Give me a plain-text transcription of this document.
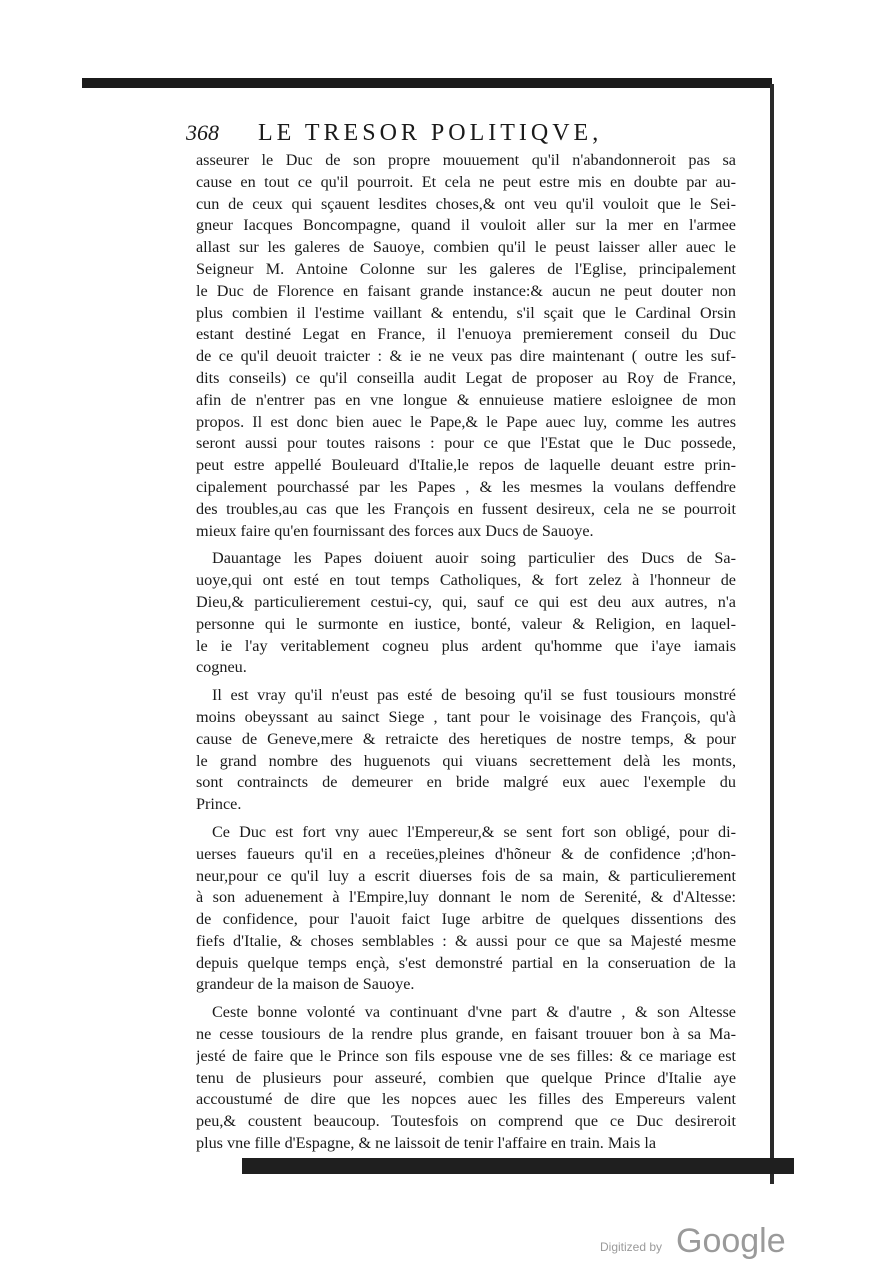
368 LE TRESOR POLITIQVE,
asseurer le Duc de son propre mouuement qu'il n'abandonneroit pas sa
cause en tout ce qu'il pourroit. Et cela ne peut estre mis en doubte par au-
cun de ceux qui sçauent lesdites choses,& ont veu qu'il vouloit que le Sei-
gneur Iacques Boncompagne, quand il vouloit aller sur la mer en l'armee
allast sur les galeres de Sauoye, combien qu'il le peust laisser aller auec le
Seigneur M. Antoine Colonne sur les galeres de l'Eglise, principalement
le Duc de Florence en faisant grande instance:& aucun ne peut douter non
plus combien il l'estime vaillant & entendu, s'il sçait que le Cardinal Orsin
estant destiné Legat en France, il l'enuoya premierement conseil du Duc
de ce qu'il deuoit traicter : & ie ne veux pas dire maintenant ( outre les suf-
dits conseils) ce qu'il conseilla audit Legat de proposer au Roy de France,
afin de n'entrer pas en vne longue & ennuieuse matiere esloignee de mon
propos. Il est donc bien auec le Pape,& le Pape auec luy, comme les autres
seront aussi pour toutes raisons : pour ce que l'Estat que le Duc possede,
peut estre appellé Bouleuard d'Italie,le repos de laquelle deuant estre prin-
cipalement pourchassé par les Papes , & les mesmes la voulans deffendre
des troubles,au cas que les François en fussent desireux, cela ne se pourroit
mieux faire qu'en fournissant des forces aux Ducs de Sauoye.
Dauantage les Papes doiuent auoir soing particulier des Ducs de Sa-
uoye,qui ont esté en tout temps Catholiques, & fort zelez à l'honneur de
Dieu,& particulierement cestui-cy, qui, sauf ce qui est deu aux autres, n'a
personne qui le surmonte en iustice, bonté, valeur & Religion, en laquel-
le ie l'ay veritablement cogneu plus ardent qu'homme que i'aye iamais
cogneu.
Il est vray qu'il n'eust pas esté de besoing qu'il se fust tousiours monstré
moins obeyssant au sainct Siege , tant pour le voisinage des François, qu'à
cause de Geneve,mere & retraicte des heretiques de nostre temps, & pour
le grand nombre des huguenots qui viuans secrettement delà les monts,
sont contraincts de demeurer en bride malgré eux auec l'exemple du
Prince.
Ce Duc est fort vny auec l'Empereur,& se sent fort son obligé, pour di-
uerses faueurs qu'il en a receües,pleines d'hõneur & de confidence ;d'hon-
neur,pour ce qu'il luy a escrit diuerses fois de sa main, & particulierement
à son aduenement à l'Empire,luy donnant le nom de Serenité, & d'Altesse:
de confidence, pour l'auoit faict Iuge arbitre de quelques dissentions des
fiefs d'Italie, & choses semblables : & aussi pour ce que sa Majesté mesme
depuis quelque temps ençà, s'est demonstré partial en la conseruation de la
grandeur de la maison de Sauoye.
Ceste bonne volonté va continuant d'vne part & d'autre , & son Altesse
ne cesse tousiours de la rendre plus grande, en faisant trouuer bon à sa Ma-
jesté de faire que le Prince son fils espouse vne de ses filles: & ce mariage est
tenu de plusieurs pour asseuré, combien que quelque Prince d'Italie aye
accoustumé de dire que les nopces auec les filles des Empereurs valent
peu,& coustent beaucoup. Toutesfois on comprend que ce Duc desireroit
plus vne fille d'Espagne, & ne laissoit de tenir l'affaire en train. Mais la
Digitized by Google
